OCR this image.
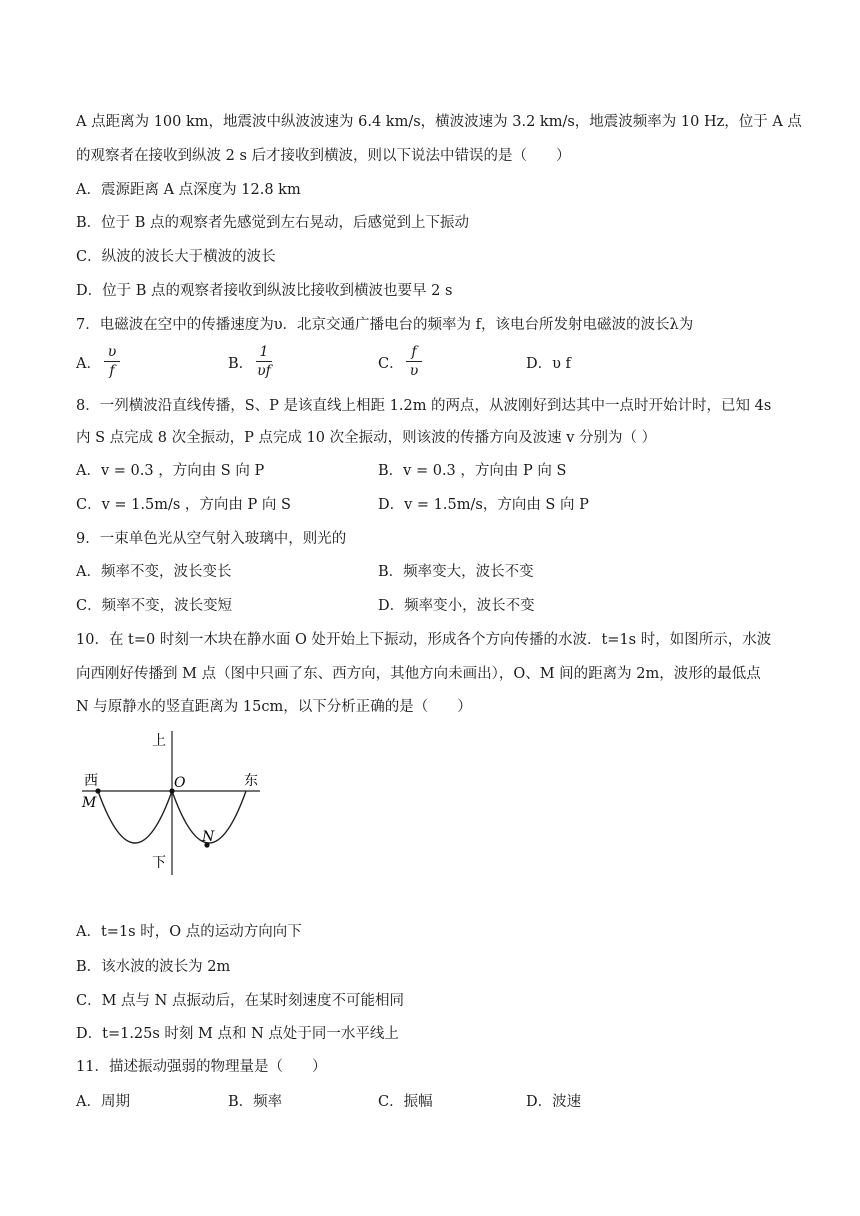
A 点距离为 100 km，地震波中纵波波速为 6.4 km/s，横波波速为 3.2 km/s，地震波频率为 10 Hz，位于 A 点
的观察者在接收到纵波 2 s 后才接收到横波，则以下说法中错误的是（　　）
A．震源距离 A 点深度为 12.8 km
B．位于 B 点的观察者先感觉到左右晃动，后感觉到上下振动
C．纵波的波长大于横波的波长
D．位于 B 点的观察者接收到纵波比接收到横波也要早 2 s
7．电磁波在空中的传播速度为υ．北京交通广播电台的频率为 f，该电台所发射电磁波的波长λ为
A．
υ
f	B．
1
υf	C．
f
υ	D．υ f
8．一列横波沿直线传播，S、P 是该直线上相距 1.2m 的两点，从波刚好到达其中一点时开始计时，已知 4s
内 S 点完成 8 次全振动，P 点完成 10 次全振动，则该波的传播方向及波速 v 分别为（ ）
A．v = 0.3 ，方向由 S 向 P	B．v = 0.3 ，方向由 P 向 S
C．v = 1.5m/s ，方向由 P 向 S	D．v = 1.5m/s，方向由 S 向 P
9．一束单色光从空气射入玻璃中，则光的
A．频率不变，波长变长	B．频率变大，波长不变
C．频率不变，波长变短	D．频率变小，波长不变
10．在 t=0 时刻一木块在静水面 O 处开始上下振动，形成各个方向传播的水波．t=1s 时，如图所示，水波
向西刚好传播到 M 点（图中只画了东、西方向，其他方向未画出），O、M 间的距离为 2m，波形的最低点
N 与原静水的竖直距离为 15cm，以下分析正确的是（　　）
上
下
西	东
O
M
N
A．t=1s 时，O 点的运动方向向下
B．该水波的波长为 2m
C．M 点与 N 点振动后，在某时刻速度不可能相同
D．t=1.25s 时刻 M 点和 N 点处于同一水平线上
11．描述振动强弱的物理量是（　　）
A．周期	B．频率	C．振幅	D．波速
